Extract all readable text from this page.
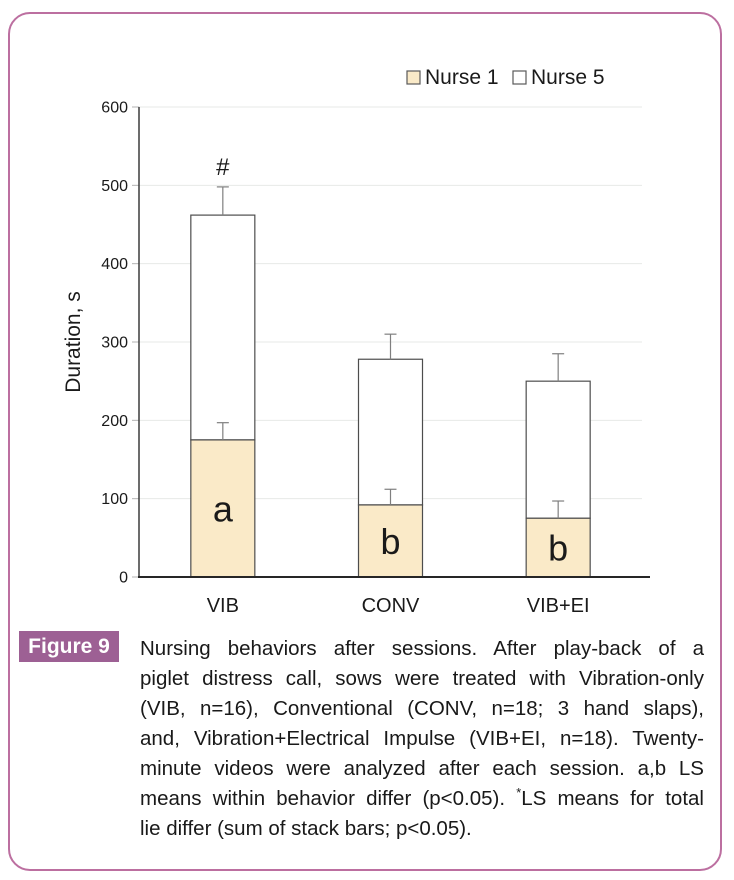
0
100
200
300
400
500
600
a
VIB
b
CONV
b
VIB+EI
#
Duration, s
Nurse 1 Nurse 5
Figure 9	Nursing behaviors after sessions. After play-back of a
piglet distress call, sows were treated with Vibration-only
(VIB, n=16), Conventional (CONV, n=18; 3 hand slaps),
and, Vibration+Electrical Impulse (VIB+EI, n=18). Twenty-
minute videos were analyzed after each session. a,b LS
means within behavior differ (p<0.05). *LS means for total
lie differ (sum of stack bars; p<0.05).
